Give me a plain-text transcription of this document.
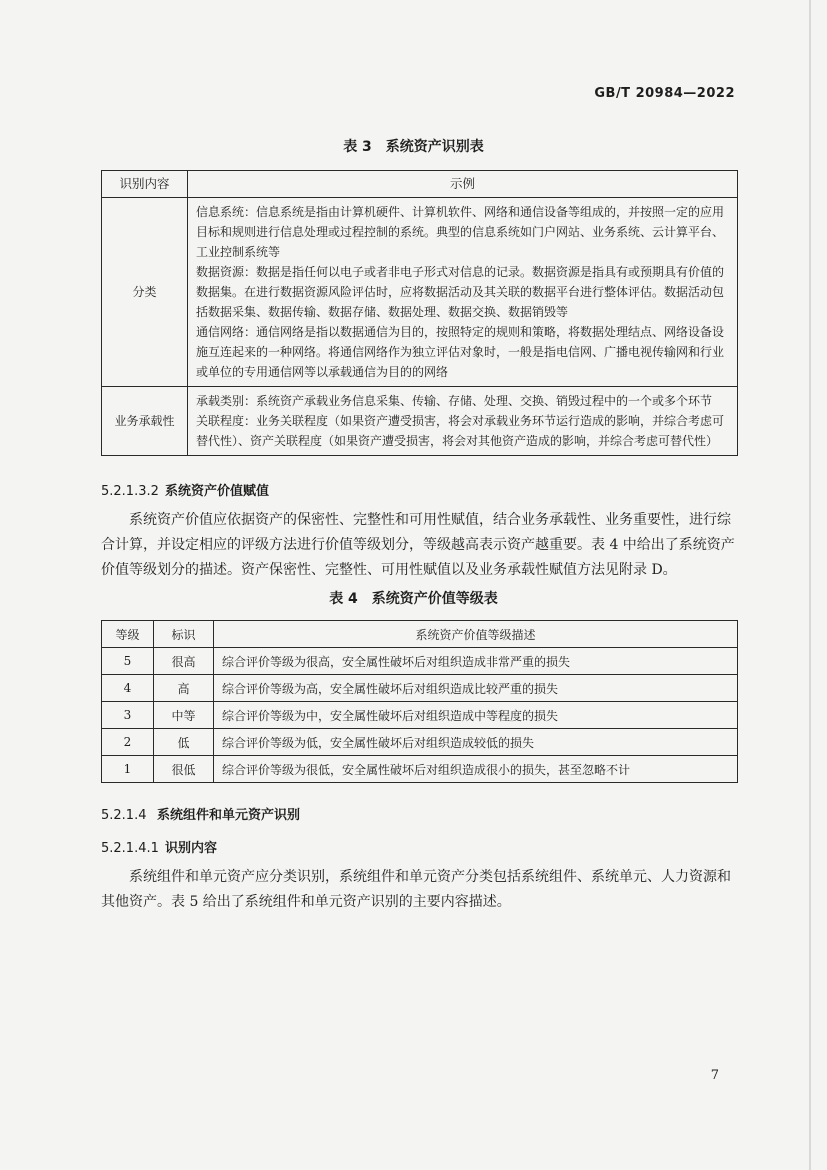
GB/T 20984—2022
表 3　系统资产识别表
识别内容	示例
分类	信息系统：信息系统是指由计算机硬件、计算机软件、网络和通信设备等组成的，并按照一定的应用目标和规则进行信息处理或过程控制的系统。典型的信息系统如门户网站、业务系统、云计算平台、工业控制系统等

数据资源：数据是指任何以电子或者非电子形式对信息的记录。数据资源是指具有或预期具有价值的数据集。在进行数据资源风险评估时，应将数据活动及其关联的数据平台进行整体评估。数据活动包括数据采集、数据传输、数据存储、数据处理、数据交换、数据销毁等

通信网络：通信网络是指以数据通信为目的，按照特定的规则和策略，将数据处理结点、网络设备设施互连起来的一种网络。将通信网络作为独立评估对象时，一般是指电信网、广播电视传输网和行业或单位的专用通信网等以承载通信为目的的网络

业务承载性	承载类别：系统资产承载业务信息采集、传输、存储、处理、交换、销毁过程中的一个或多个环节

关联程度：业务关联程度（如果资产遭受损害，将会对承载业务环节运行造成的影响，并综合考虑可替代性）、资产关联程度（如果资产遭受损害，将会对其他资产造成的影响，并综合考虑可替代性）

5.2.1.3.2 系统资产价值赋值

系统资产价值应依据资产的保密性、完整性和可用性赋值，结合业务承载性、业务重要性，进行综合计算，并设定相应的评级方法进行价值等级划分，等级越高表示资产越重要。表 4 中给出了系统资产价值等级划分的描述。资产保密性、完整性、可用性赋值以及业务承载性赋值方法见附录 D。

表 4　系统资产价值等级表
等级	标识	系统资产价值等级描述
5	很高	综合评价等级为很高，安全属性破坏后对组织造成非常严重的损失
4	高	综合评价等级为高，安全属性破坏后对组织造成比较严重的损失
3	中等	综合评价等级为中，安全属性破坏后对组织造成中等程度的损失
2	低	综合评价等级为低，安全属性破坏后对组织造成较低的损失
1	很低	综合评价等级为很低，安全属性破坏后对组织造成很小的损失，甚至忽略不计
5.2.1.4 系统组件和单元资产识别
5.2.1.4.1 识别内容

系统组件和单元资产应分类识别，系统组件和单元资产分类包括系统组件、系统单元、人力资源和其他资产。表 5 给出了系统组件和单元资产识别的主要内容描述。

7
